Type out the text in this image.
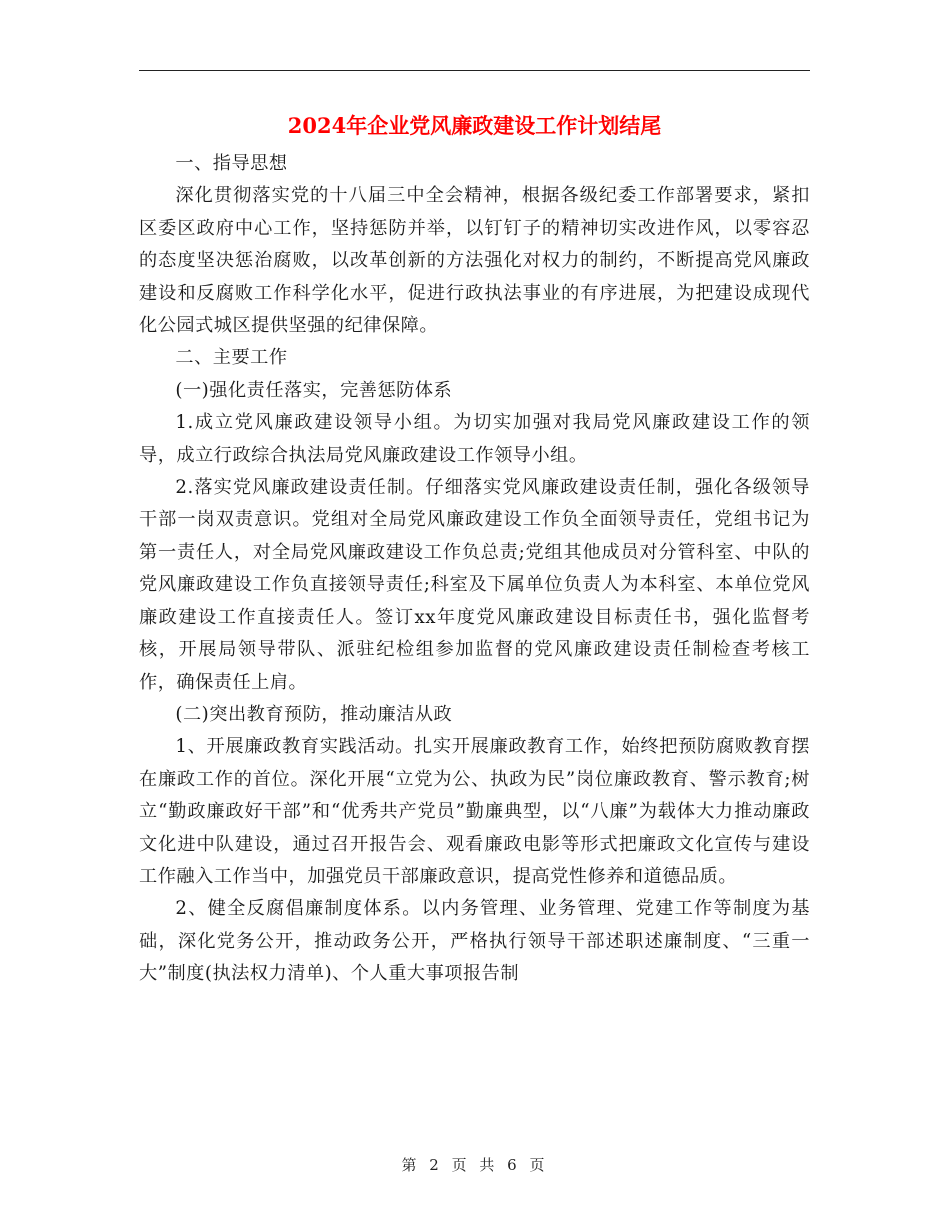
2024年企业党风廉政建设工作计划结尾

一、指导思想

深化贯彻落实党的十八届三中全会精神，根据各级纪委工作部署要求，紧扣区委区政府中心工作，坚持惩防并举，以钉钉子的精神切实改进作风，以零容忍的态度坚决惩治腐败，以改革创新的方法强化对权力的制约，不断提高党风廉政建设和反腐败工作科学化水平，促进行政执法事业的有序进展，为把建设成现代化公园式城区提供坚强的纪律保障。

二、主要工作

(一)强化责任落实，完善惩防体系

1.成立党风廉政建设领导小组。为切实加强对我局党风廉政建设工作的领导，成立行政综合执法局党风廉政建设工作领导小组。

2.落实党风廉政建设责任制。仔细落实党风廉政建设责任制，强化各级领导干部一岗双责意识。党组对全局党风廉政建设工作负全面领导责任，党组书记为第一责任人，对全局党风廉政建设工作负总责;党组其他成员对分管科室、中队的党风廉政建设工作负直接领导责任;科室及下属单位负责人为本科室、本单位党风廉政建设工作直接责任人。签订xx年度党风廉政建设目标责任书，强化监督考核，开展局领导带队、派驻纪检组参加监督的党风廉政建设责任制检查考核工作，确保责任上肩。

(二)突出教育预防，推动廉洁从政

1、开展廉政教育实践活动。扎实开展廉政教育工作，始终把预防腐败教育摆在廉政工作的首位。深化开展“立党为公、执政为民”岗位廉政教育、警示教育;树立“勤政廉政好干部”和“优秀共产党员”勤廉典型，以“八廉”为载体大力推动廉政文化进中队建设，通过召开报告会、观看廉政电影等形式把廉政文化宣传与建设工作融入工作当中，加强党员干部廉政意识，提高党性修养和道德品质。

2、健全反腐倡廉制度体系。以内务管理、业务管理、党建工作等制度为基础，深化党务公开，推动政务公开，严格执行领导干部述职述廉制度、“三重一大”制度(执法权力清单)、个人重大事项报告制

第 2 页 共 6 页
